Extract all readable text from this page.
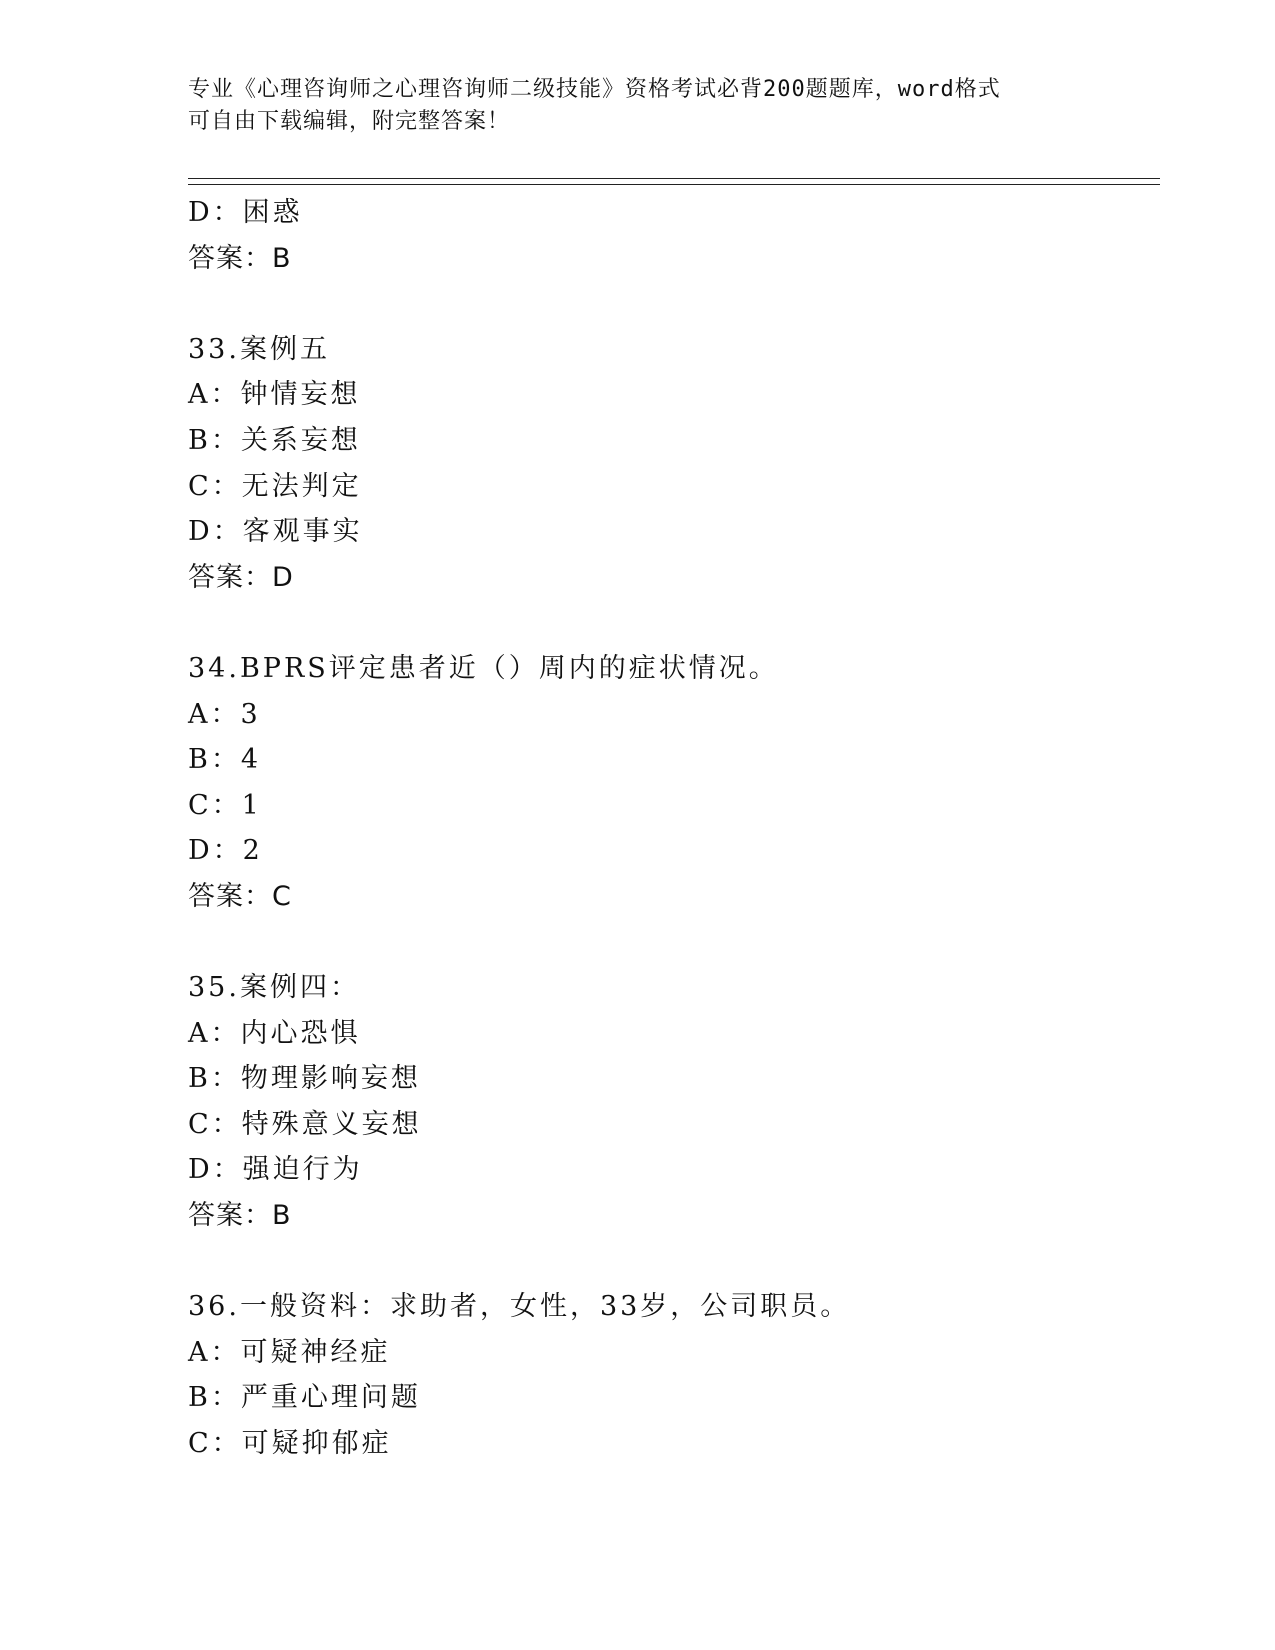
专业《心理咨询师之心理咨询师二级技能》资格考试必背200题题库，word格式
可自由下载编辑，附完整答案！
D：困惑
答案：B
33.案例五
A：钟情妄想
B：关系妄想
C：无法判定
D：客观事实
答案：D
34.BPRS评定患者近（）周内的症状情况。
A：3
B：4
C：1
D：2
答案：C
35.案例四：
A：内心恐惧
B：物理影响妄想
C：特殊意义妄想
D：强迫行为
答案：B
36.一般资料：求助者，女性，33岁，公司职员。
A：可疑神经症
B：严重心理问题
C：可疑抑郁症
